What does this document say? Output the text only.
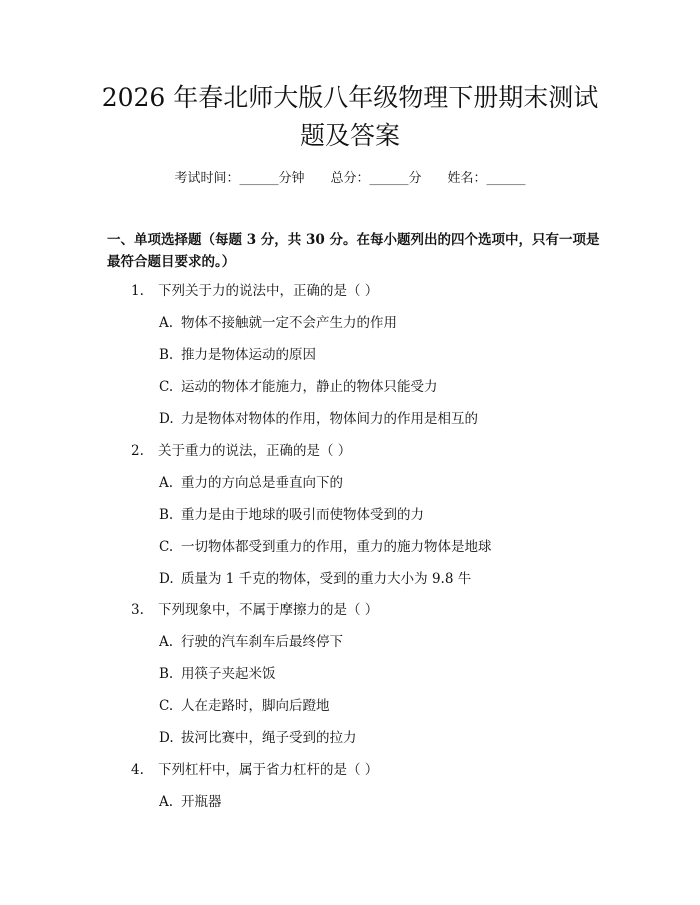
2026 年春北师大版八年级物理下册期末测试
题及答案
考试时间：______分钟 总分：______分 姓名：______
一、单项选择题（每题 3 分，共 30 分。在每小题列出的四个选项中，只有一项是
最符合题目要求的。）
1. 下列关于力的说法中，正确的是（ ）
A. 物体不接触就一定不会产生力的作用
B. 推力是物体运动的原因
C. 运动的物体才能施力，静止的物体只能受力
D. 力是物体对物体的作用，物体间力的作用是相互的
2. 关于重力的说法，正确的是（ ）
A. 重力的方向总是垂直向下的
B. 重力是由于地球的吸引而使物体受到的力
C. 一切物体都受到重力的作用，重力的施力物体是地球
D. 质量为 1 千克的物体，受到的重力大小为 9.8 牛
3. 下列现象中，不属于摩擦力的是（ ）
A. 行驶的汽车刹车后最终停下
B. 用筷子夹起米饭
C. 人在走路时，脚向后蹬地
D. 拔河比赛中，绳子受到的拉力
4. 下列杠杆中，属于省力杠杆的是（ ）
A. 开瓶器
